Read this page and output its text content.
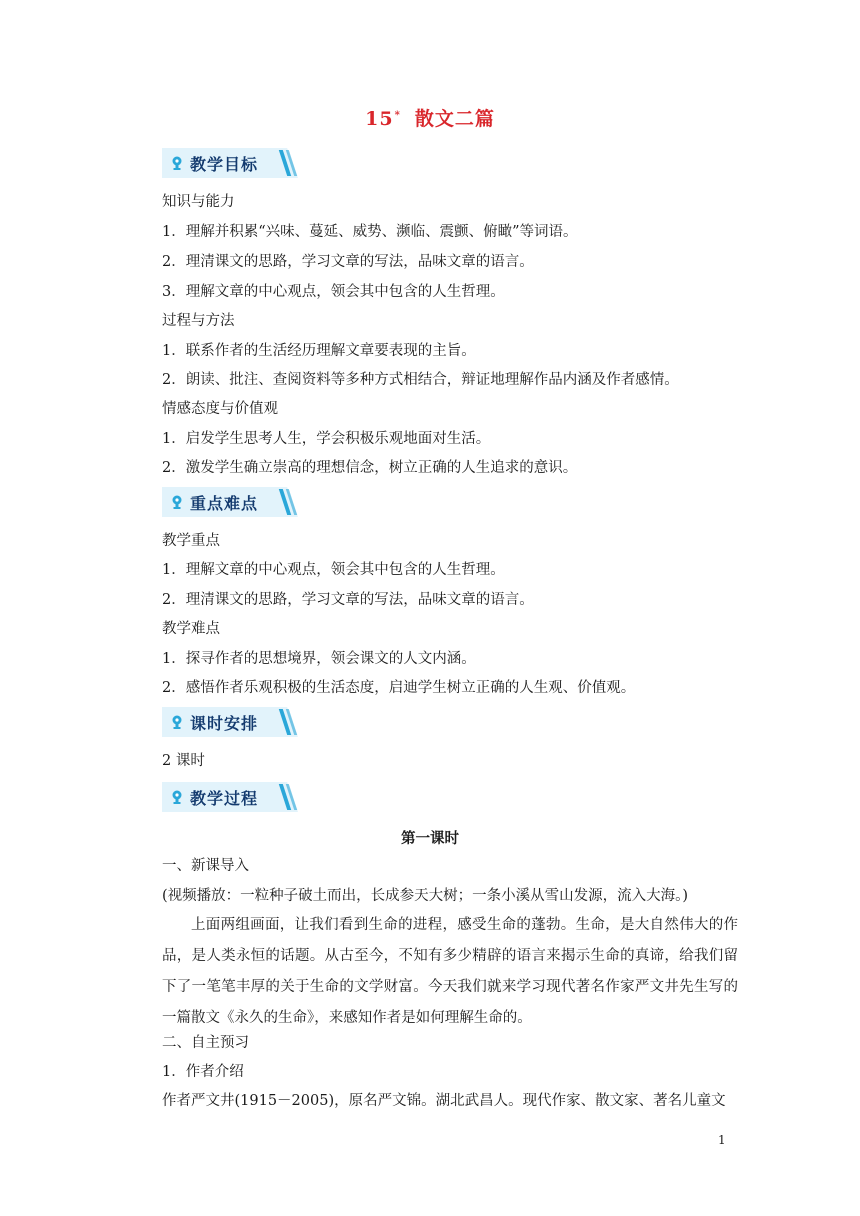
15* 散文二篇
教学目标
知识与能力
1．理解并积累“兴味、蔓延、威势、濒临、震颤、俯瞰”等词语。
2．理清课文的思路，学习文章的写法，品味文章的语言。
3．理解文章的中心观点，领会其中包含的人生哲理。
过程与方法
1．联系作者的生活经历理解文章要表现的主旨。
2．朗读、批注、查阅资料等多种方式相结合，辩证地理解作品内涵及作者感情。
情感态度与价值观
1．启发学生思考人生，学会积极乐观地面对生活。
2．激发学生确立崇高的理想信念，树立正确的人生追求的意识。
重点难点
教学重点
1．理解文章的中心观点，领会其中包含的人生哲理。
2．理清课文的思路，学习文章的写法，品味文章的语言。
教学难点
1．探寻作者的思想境界，领会课文的人文内涵。
2．感悟作者乐观积极的生活态度，启迪学生树立正确的人生观、价值观。
课时安排
2 课时
教学过程
第一课时
一、新课导入
(视频播放：一粒种子破土而出，长成参天大树；一条小溪从雪山发源，流入大海。)
上面两组画面，让我们看到生命的进程，感受生命的蓬勃。生命，是大自然伟大的作品，是人类永恒的话题。从古至今，不知有多少精辟的语言来揭示生命的真谛，给我们留下了一笔笔丰厚的关于生命的文学财富。今天我们就来学习现代著名作家严文井先生写的一篇散文《永久的生命》，来感知作者是如何理解生命的。
二、自主预习
1．作者介绍
作者严文井(1915－2005)，原名严文锦。湖北武昌人。现代作家、散文家、著名儿童文
1
